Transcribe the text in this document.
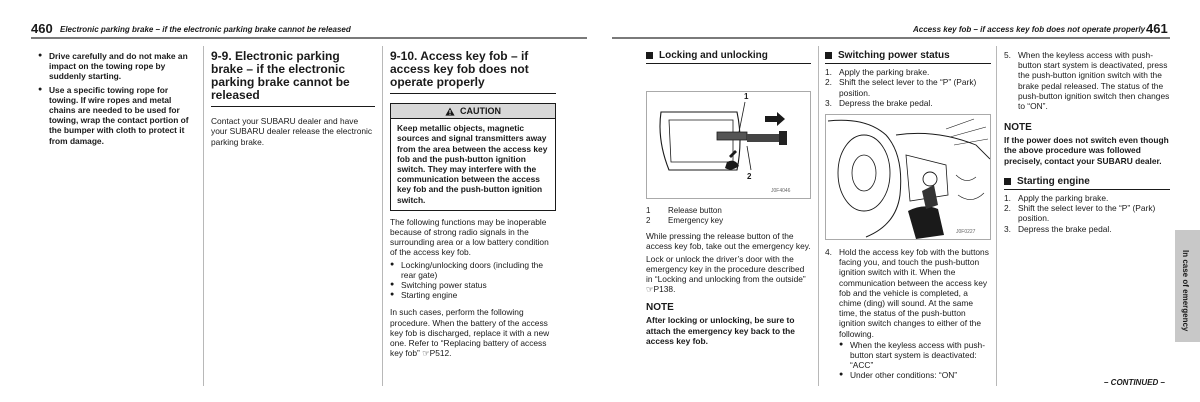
460 Electronic parking brake – if the electronic parking brake cannot be released
● Drive carefully and do not make an impact on the towing rope by suddenly starting.
● Use a specific towing rope for towing. If wire ropes and metal chains are needed to be used for towing, wrap the contact portion of the bumper with cloth to protect it from damage.
9-9. Electronic parking brake – if the electronic parking brake cannot be released
Contact your SUBARU dealer and have your SUBARU dealer release the electronic parking brake.
9-10. Access key fob – if access key fob does not operate properly
CAUTION
Keep metallic objects, magnetic sources and signal transmitters away from the area between the access key fob and the push-button ignition switch. They may interfere with the communication between the access key fob and the push-button ignition switch.
The following functions may be inoperable because of strong radio signals in the surrounding area or a low battery condition of the access key fob.
● Locking/unlocking doors (including the rear gate)
● Switching power status
● Starting engine
In such cases, perform the following procedure. When the battery of the access key fob is discharged, replace it with a new one. Refer to “Replacing battery of access key fob” ☞P512.
Access key fob – if access key fob does not operate properly 461
Locking and unlocking
1
2
J0F4046
1	Release button
2	Emergency key
While pressing the release button of the access key fob, take out the emergency key.
Lock or unlock the driver’s door with the emergency key in the procedure described in “Locking and unlocking from the outside” ☞P138.
NOTE
After locking or unlocking, be sure to attach the emergency key back to the access key fob.
Switching power status
1. Apply the parking brake.
2. Shift the select lever to the “P” (Park) position.
3. Depress the brake pedal.
J0F0227
4. Hold the access key fob with the buttons facing you, and touch the push-button ignition switch with it. When the communication between the access key fob and the vehicle is completed, a chime (ding) will sound. At the same time, the status of the push-button ignition switch changes to either of the following.
● When the keyless access with push-button start system is deactivated: “ACC”
● Under other conditions: “ON”
5. When the keyless access with push-button start system is deactivated, press the push-button ignition switch with the brake pedal released. The status of the push-button ignition switch then changes to “ON”.
NOTE
If the power does not switch even though the above procedure was followed precisely, contact your SUBARU dealer.
Starting engine
1. Apply the parking brake.
2. Shift the select lever to the “P” (Park) position.
3. Depress the brake pedal.
In case of emergency
– CONTINUED –
